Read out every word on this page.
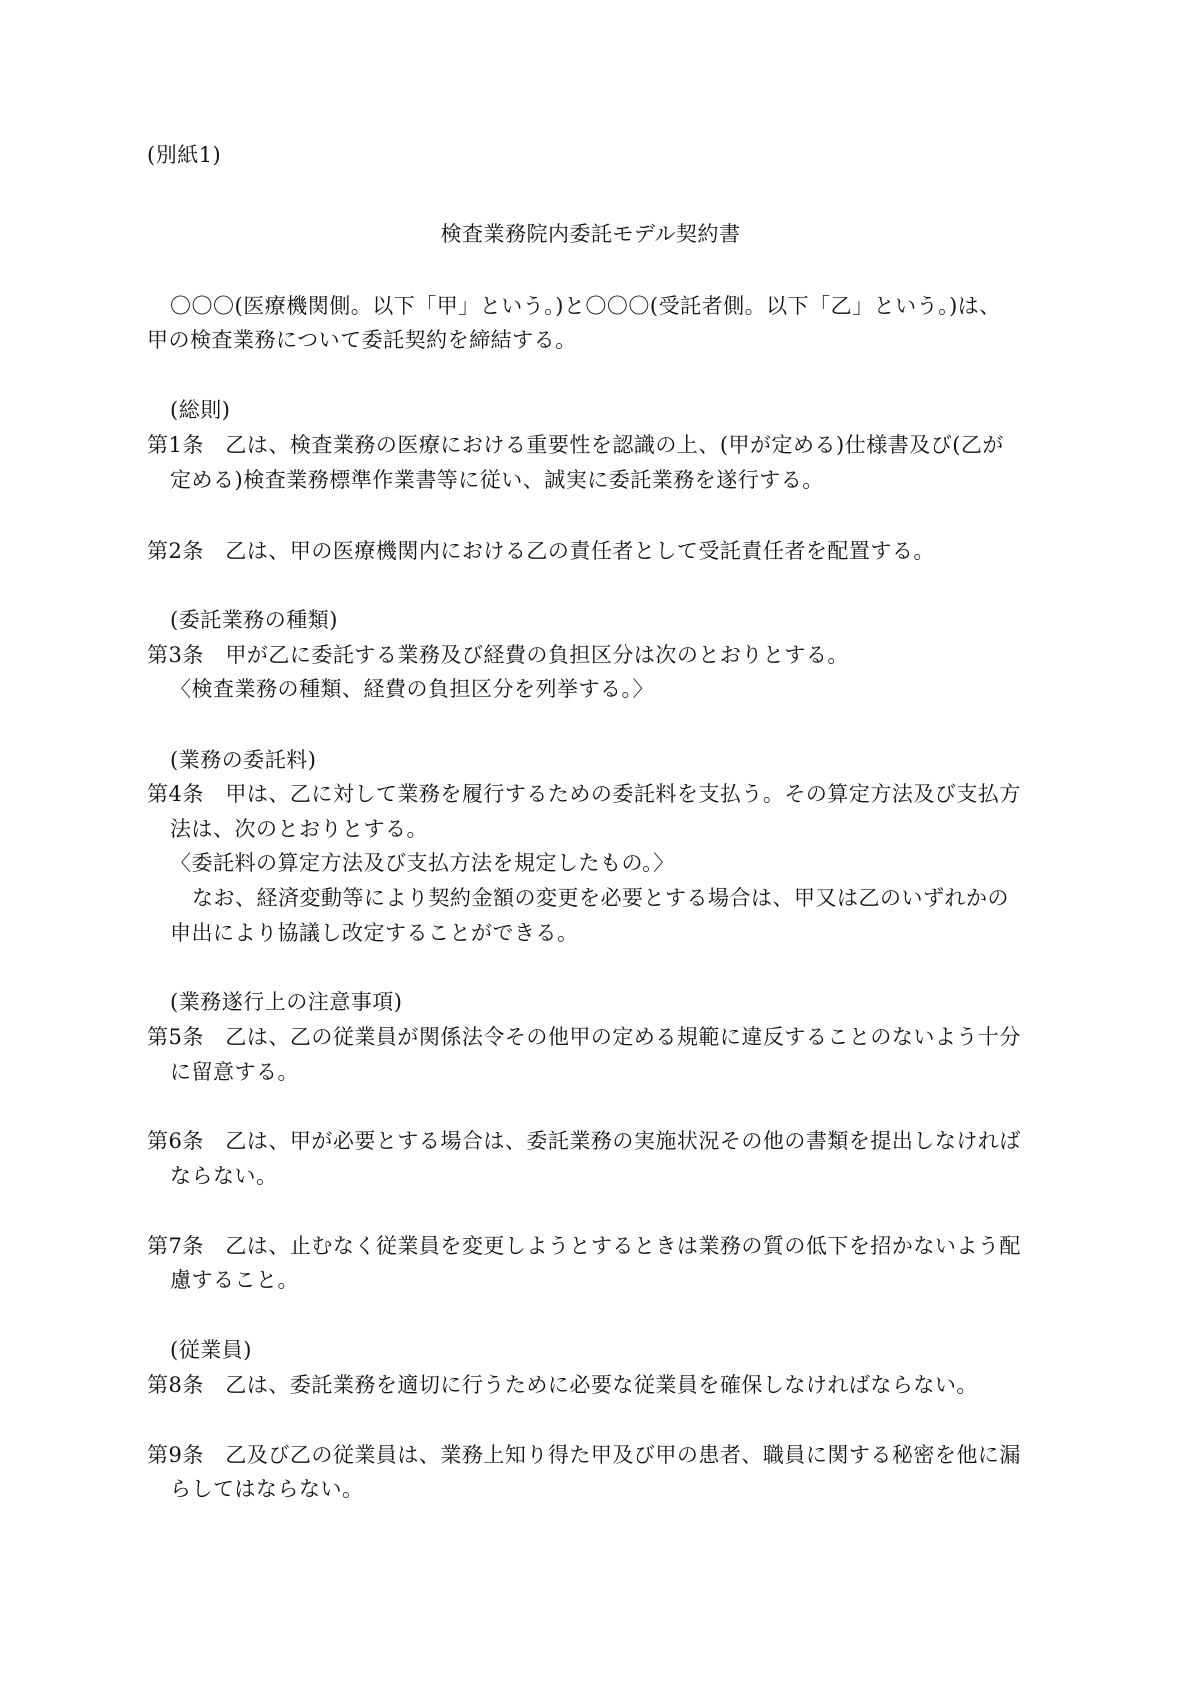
(別紙1)
検査業務院内委託モデル契約書
〇〇〇(医療機関側。以下「甲」という。)と〇〇〇(受託者側。以下「乙」という。)は、
甲の検査業務について委託契約を締結する。
(総則)
第1条　乙は、検査業務の医療における重要性を認識の上、(甲が定める)仕様書及び(乙が
定める)検査業務標準作業書等に従い、誠実に委託業務を遂行する。
第2条　乙は、甲の医療機関内における乙の責任者として受託責任者を配置する。
(委託業務の種類)
第3条　甲が乙に委託する業務及び経費の負担区分は次のとおりとする。
〈検査業務の種類、経費の負担区分を列挙する。〉
(業務の委託料)
第4条　甲は、乙に対して業務を履行するための委託料を支払う。その算定方法及び支払方
法は、次のとおりとする。
〈委託料の算定方法及び支払方法を規定したもの。〉
なお、経済変動等により契約金額の変更を必要とする場合は、甲又は乙のいずれかの
申出により協議し改定することができる。
(業務遂行上の注意事項)
第5条　乙は、乙の従業員が関係法令その他甲の定める規範に違反することのないよう十分
に留意する。
第6条　乙は、甲が必要とする場合は、委託業務の実施状況その他の書類を提出しなければ
ならない。
第7条　乙は、止むなく従業員を変更しようとするときは業務の質の低下を招かないよう配
慮すること。
(従業員)
第8条　乙は、委託業務を適切に行うために必要な従業員を確保しなければならない。
第9条　乙及び乙の従業員は、業務上知り得た甲及び甲の患者、職員に関する秘密を他に漏
らしてはならない。
